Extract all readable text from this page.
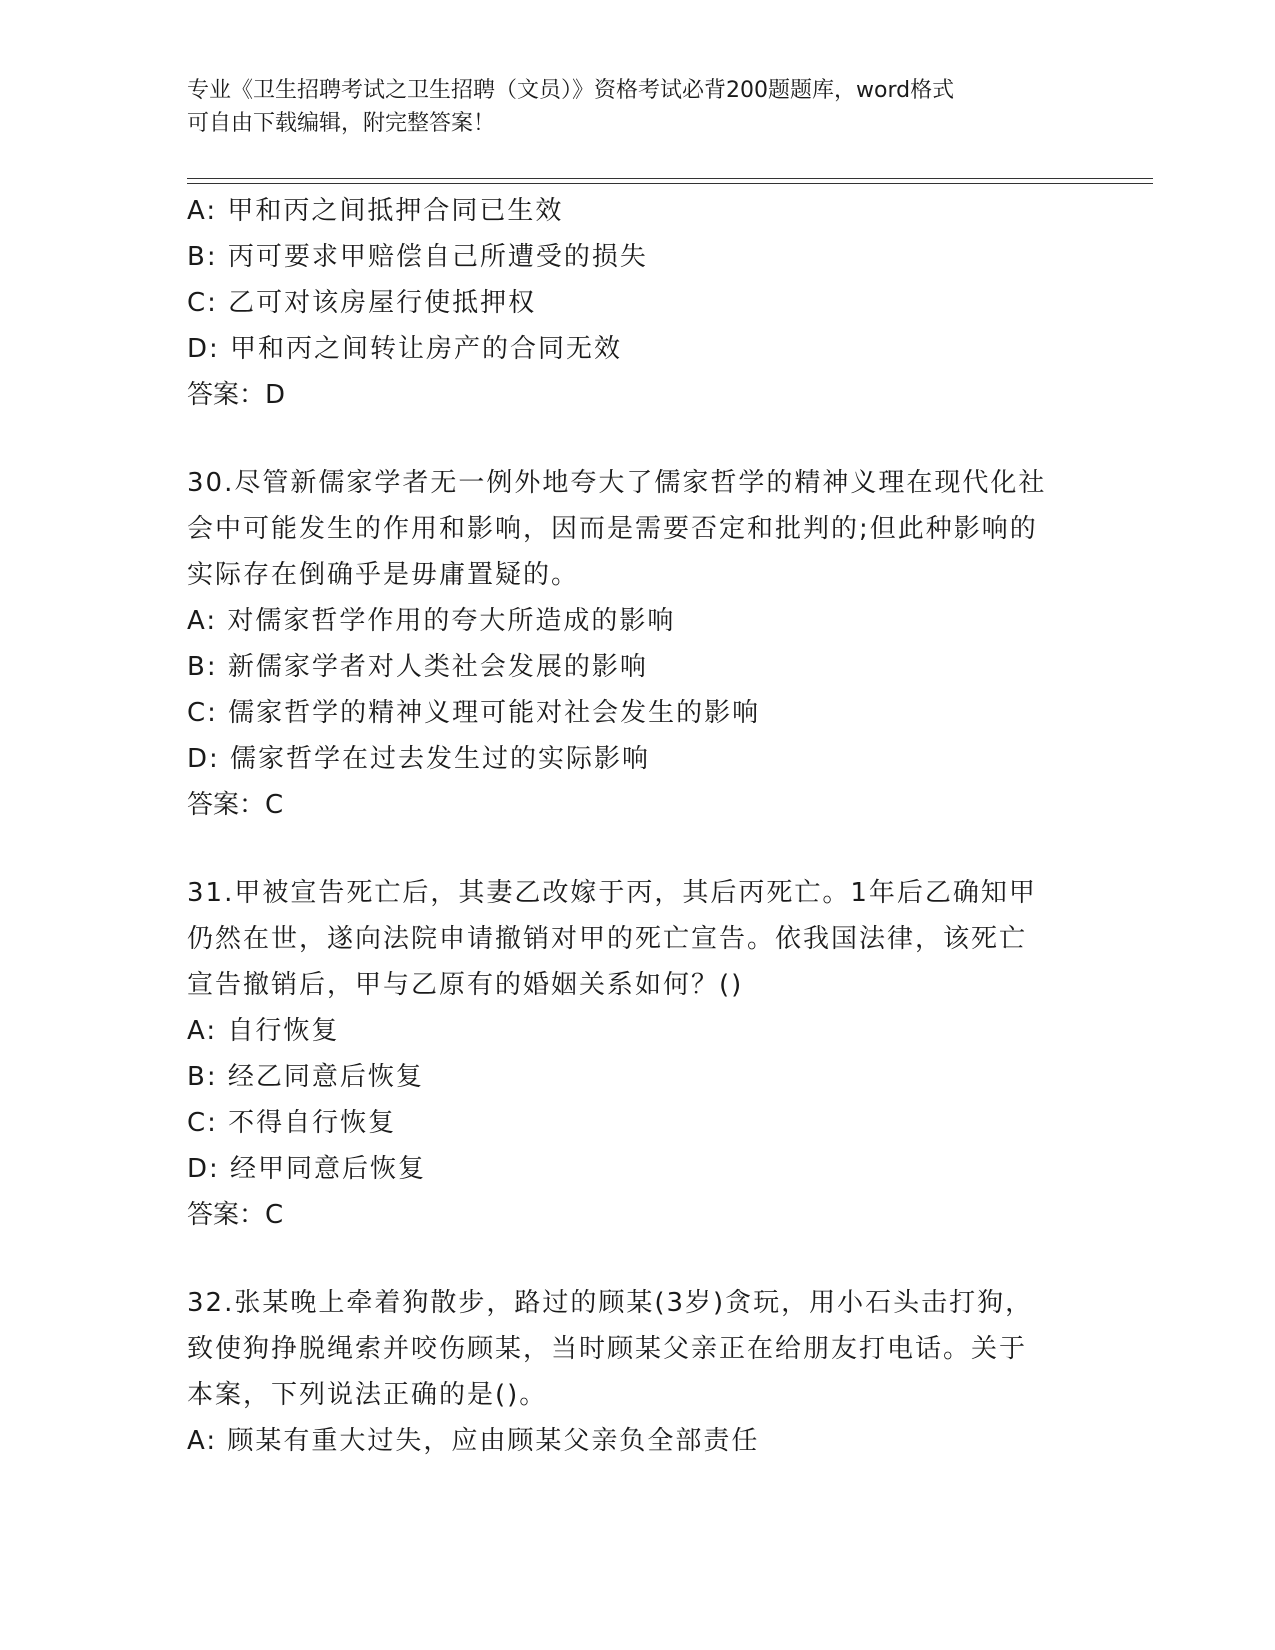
专业《卫生招聘考试之卫生招聘（文员）》资格考试必背200题题库，word格式
可自由下载编辑，附完整答案！
A: 甲和丙之间抵押合同已生效
B: 丙可要求甲赔偿自己所遭受的损失
C: 乙可对该房屋行使抵押权
D: 甲和丙之间转让房产的合同无效
答案：D
30.尽管新儒家学者无一例外地夸大了儒家哲学的精神义理在现代化社
会中可能发生的作用和影响，因而是需要否定和批判的;但此种影响的
实际存在倒确乎是毋庸置疑的。
A: 对儒家哲学作用的夸大所造成的影响
B: 新儒家学者对人类社会发展的影响
C: 儒家哲学的精神义理可能对社会发生的影响
D: 儒家哲学在过去发生过的实际影响
答案：C
31.甲被宣告死亡后，其妻乙改嫁于丙，其后丙死亡。1年后乙确知甲
仍然在世，遂向法院申请撤销对甲的死亡宣告。依我国法律，该死亡
宣告撤销后，甲与乙原有的婚姻关系如何？()
A: 自行恢复
B: 经乙同意后恢复
C: 不得自行恢复
D: 经甲同意后恢复
答案：C
32.张某晚上牵着狗散步，路过的顾某(3岁)贪玩，用小石头击打狗，
致使狗挣脱绳索并咬伤顾某，当时顾某父亲正在给朋友打电话。关于
本案，下列说法正确的是()。
A: 顾某有重大过失，应由顾某父亲负全部责任
